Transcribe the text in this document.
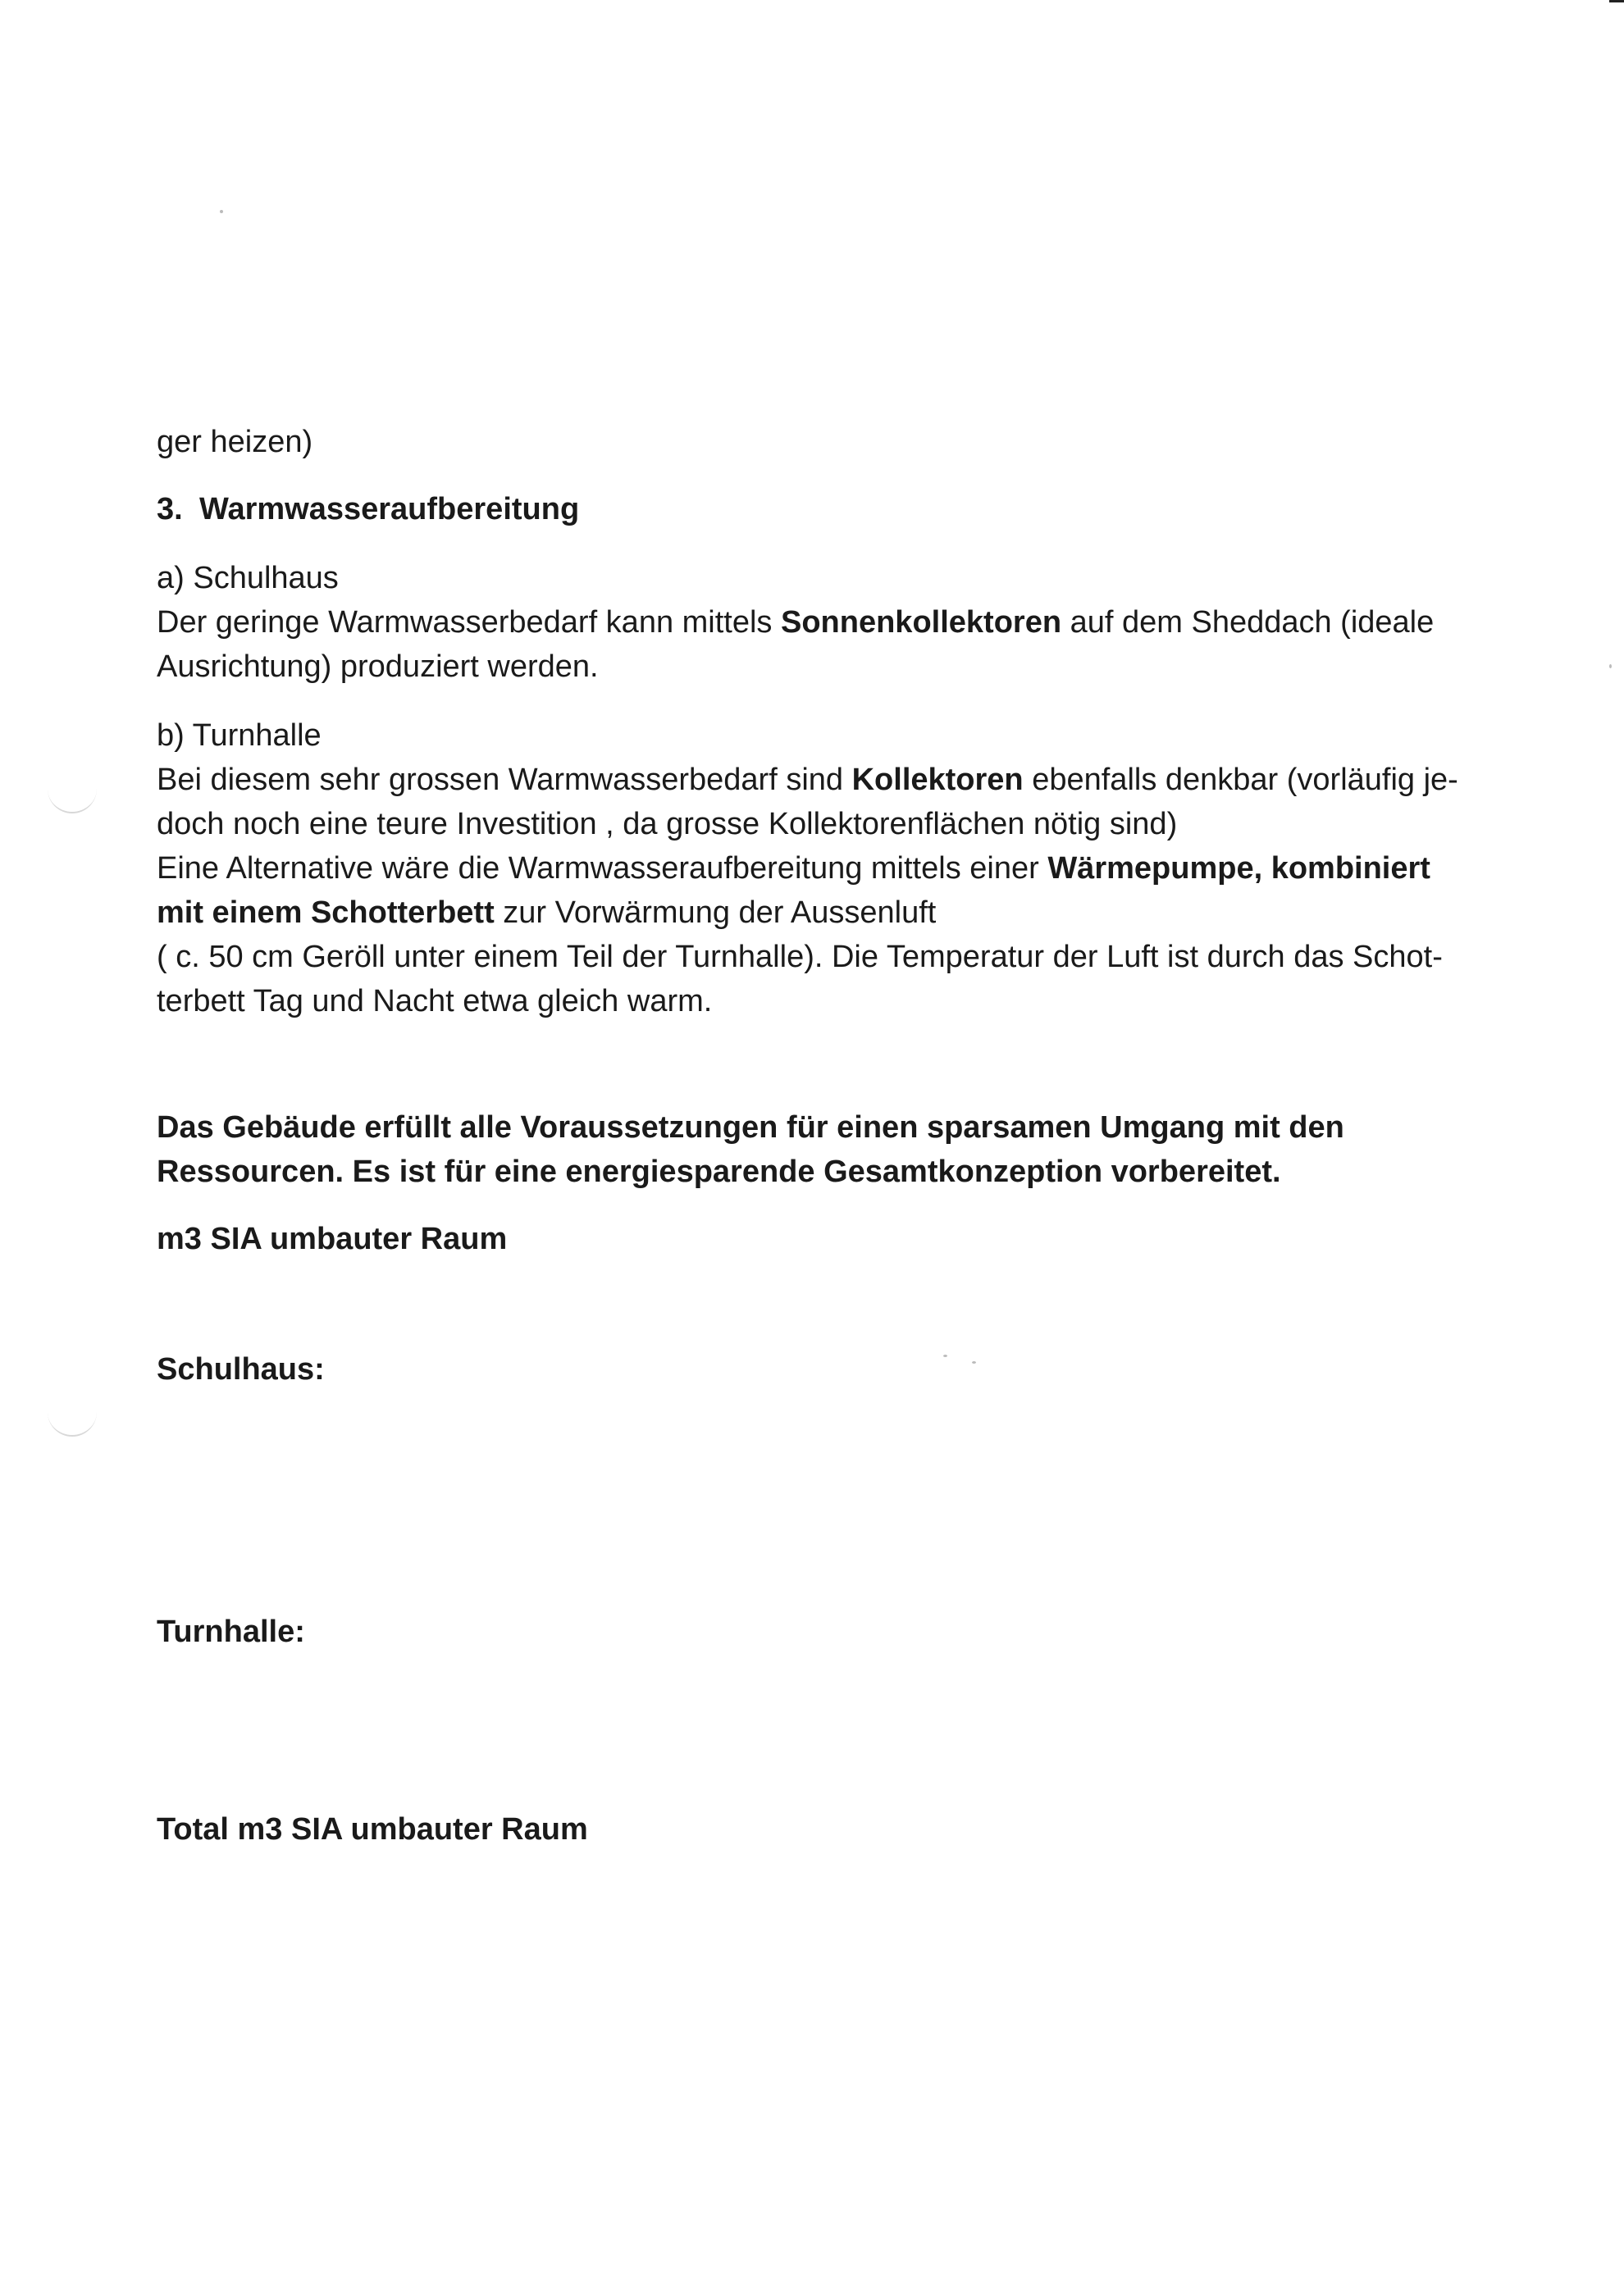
ger heizen)
3. Warmwasseraufbereitung
a) Schulhaus
Der geringe Warmwasserbedarf kann mittels Sonnenkollektoren auf dem Sheddach (ideale
Ausrichtung) produziert werden.
b) Turnhalle
Bei diesem sehr grossen Warmwasserbedarf sind Kollektoren ebenfalls denkbar (vorläufig je-
doch noch eine teure Investition , da grosse Kollektorenflächen nötig sind)
Eine Alternative wäre die Warmwasseraufbereitung mittels einer Wärmepumpe, kombiniert
mit einem Schotterbett zur Vorwärmung der Aussenluft
( c. 50 cm Geröll unter einem Teil der Turnhalle). Die Temperatur der Luft ist durch das Schot-
terbett Tag und Nacht etwa gleich warm.
Das Gebäude erfüllt alle Voraussetzungen für einen sparsamen Umgang mit den
Ressourcen. Es ist für eine energiesparende Gesamtkonzeption vorbereitet.
m3 SIA umbauter Raum
Schulhaus:
Turnhalle:
Total m3 SIA umbauter Raum
